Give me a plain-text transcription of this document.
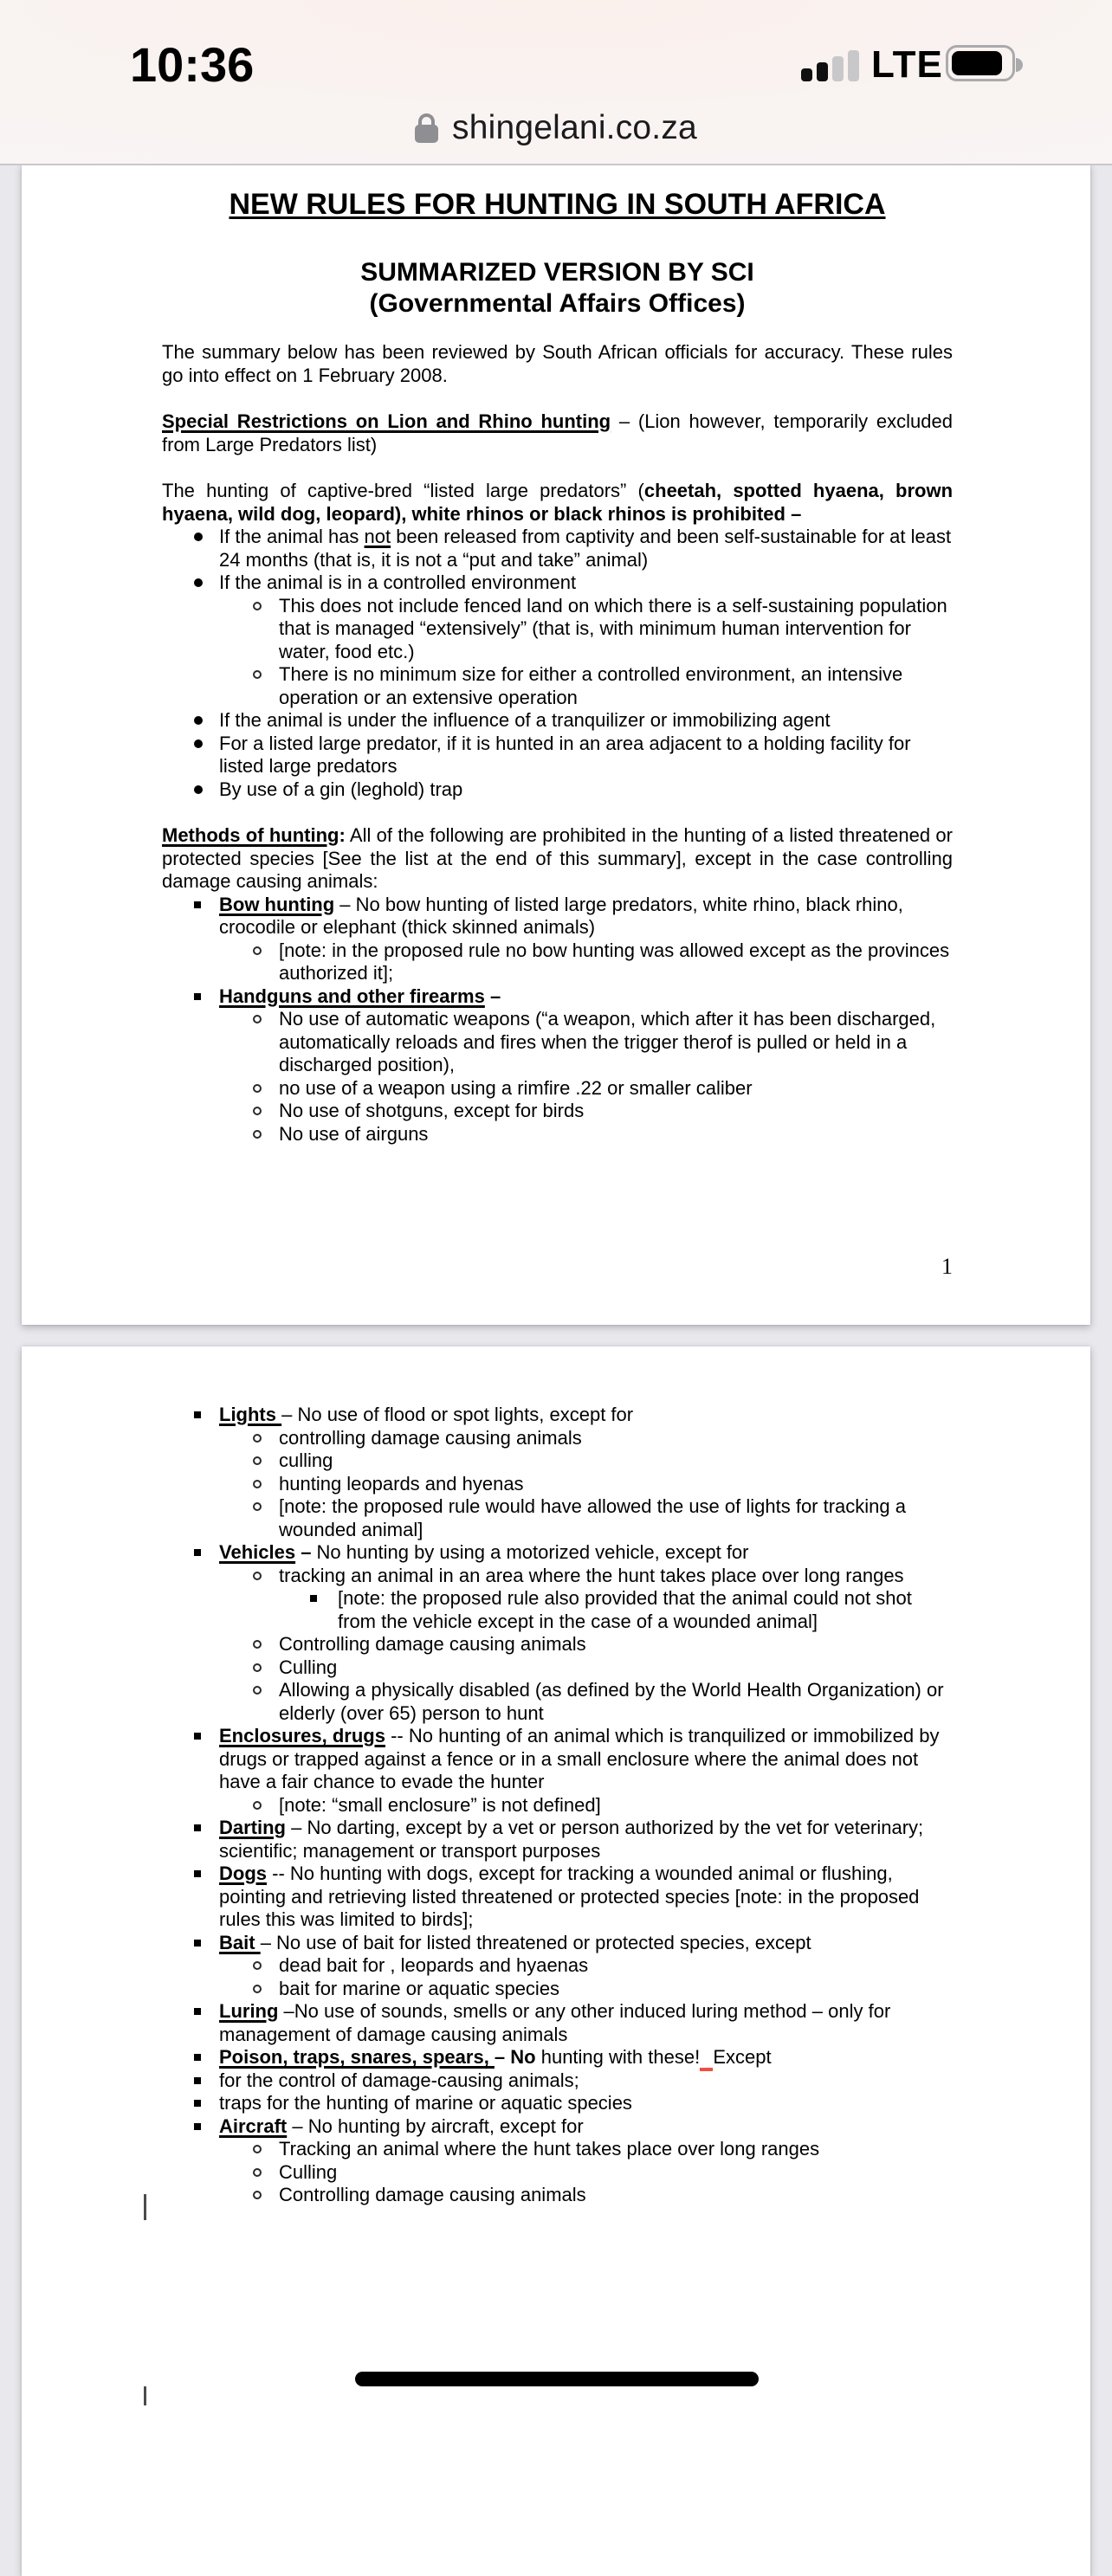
10:36	LTE
shingelani.co.za
NEW RULES FOR HUNTING IN SOUTH AFRICA
SUMMARIZED VERSION BY SCI
(Governmental Affairs Offices)
The summary below has been reviewed by South African officials for accuracy. These rules go into effect on 1 February 2008.
Special Restrictions on Lion and Rhino hunting – (Lion however, temporarily excluded from Large Predators list)
The hunting of captive-bred “listed large predators” (cheetah, spotted hyaena, brown hyaena, wild dog, leopard), white rhinos or black rhinos is prohibited –
If the animal has not been released from captivity and been self-sustainable for at least 24 months (that is, it is not a “put and take” animal)
If the animal is in a controlled environment
This does not include fenced land on which there is a self-sustaining population that is managed “extensively” (that is, with minimum human intervention for water, food etc.)
There is no minimum size for either a controlled environment, an intensive operation or an extensive operation
If the animal is under the influence of a tranquilizer or immobilizing agent
For a listed large predator, if it is hunted in an area adjacent to a holding facility for listed large predators
By use of a gin (leghold) trap
Methods of hunting: All of the following are prohibited in the hunting of a listed threatened or protected species [See the list at the end of this summary], except in the case controlling damage causing animals:
Bow hunting – No bow hunting of listed large predators, white rhino, black rhino, crocodile or elephant (thick skinned animals)
[note: in the proposed rule no bow hunting was allowed except as the provinces authorized it];
Handguns and other firearms –
No use of automatic weapons (“a weapon, which after it has been discharged, automatically reloads and fires when the trigger therof is pulled or held in a discharged position),
no use of a weapon using a rimfire .22 or smaller caliber
No use of shotguns, except for birds
No use of airguns
1
Lights – No use of flood or spot lights, except for
controlling damage causing animals
culling
hunting leopards and hyenas
[note: the proposed rule would have allowed the use of lights for tracking a wounded animal]
Vehicles – No hunting by using a motorized vehicle, except for
tracking an animal in an area where the hunt takes place over long ranges
[note: the proposed rule also provided that the animal could not shot from the vehicle except in the case of a wounded animal]
Controlling damage causing animals
Culling
Allowing a physically disabled (as defined by the World Health Organization) or elderly (over 65) person to hunt
Enclosures, drugs -- No hunting of an animal which is tranquilized or immobilized by drugs or trapped against a fence or in a small enclosure where the animal does not have a fair chance to evade the hunter
[note: “small enclosure” is not defined]
Darting – No darting, except by a vet or person authorized by the vet for veterinary; scientific; management or transport purposes
Dogs -- No hunting with dogs, except for tracking a wounded animal or flushing, pointing and retrieving listed threatened or protected species [note: in the proposed rules this was limited to birds];
Bait – No use of bait for listed threatened or protected species, except
dead bait for , leopards and hyaenas
bait for marine or aquatic species
Luring –No use of sounds, smells or any other induced luring method – only for management of damage causing animals
Poison, traps, snares, spears, – No hunting with these! Except
for the control of damage-causing animals;
traps for the hunting of marine or aquatic species
Aircraft – No hunting by aircraft, except for
Tracking an animal where the hunt takes place over long ranges
Culling
Controlling damage causing animals
